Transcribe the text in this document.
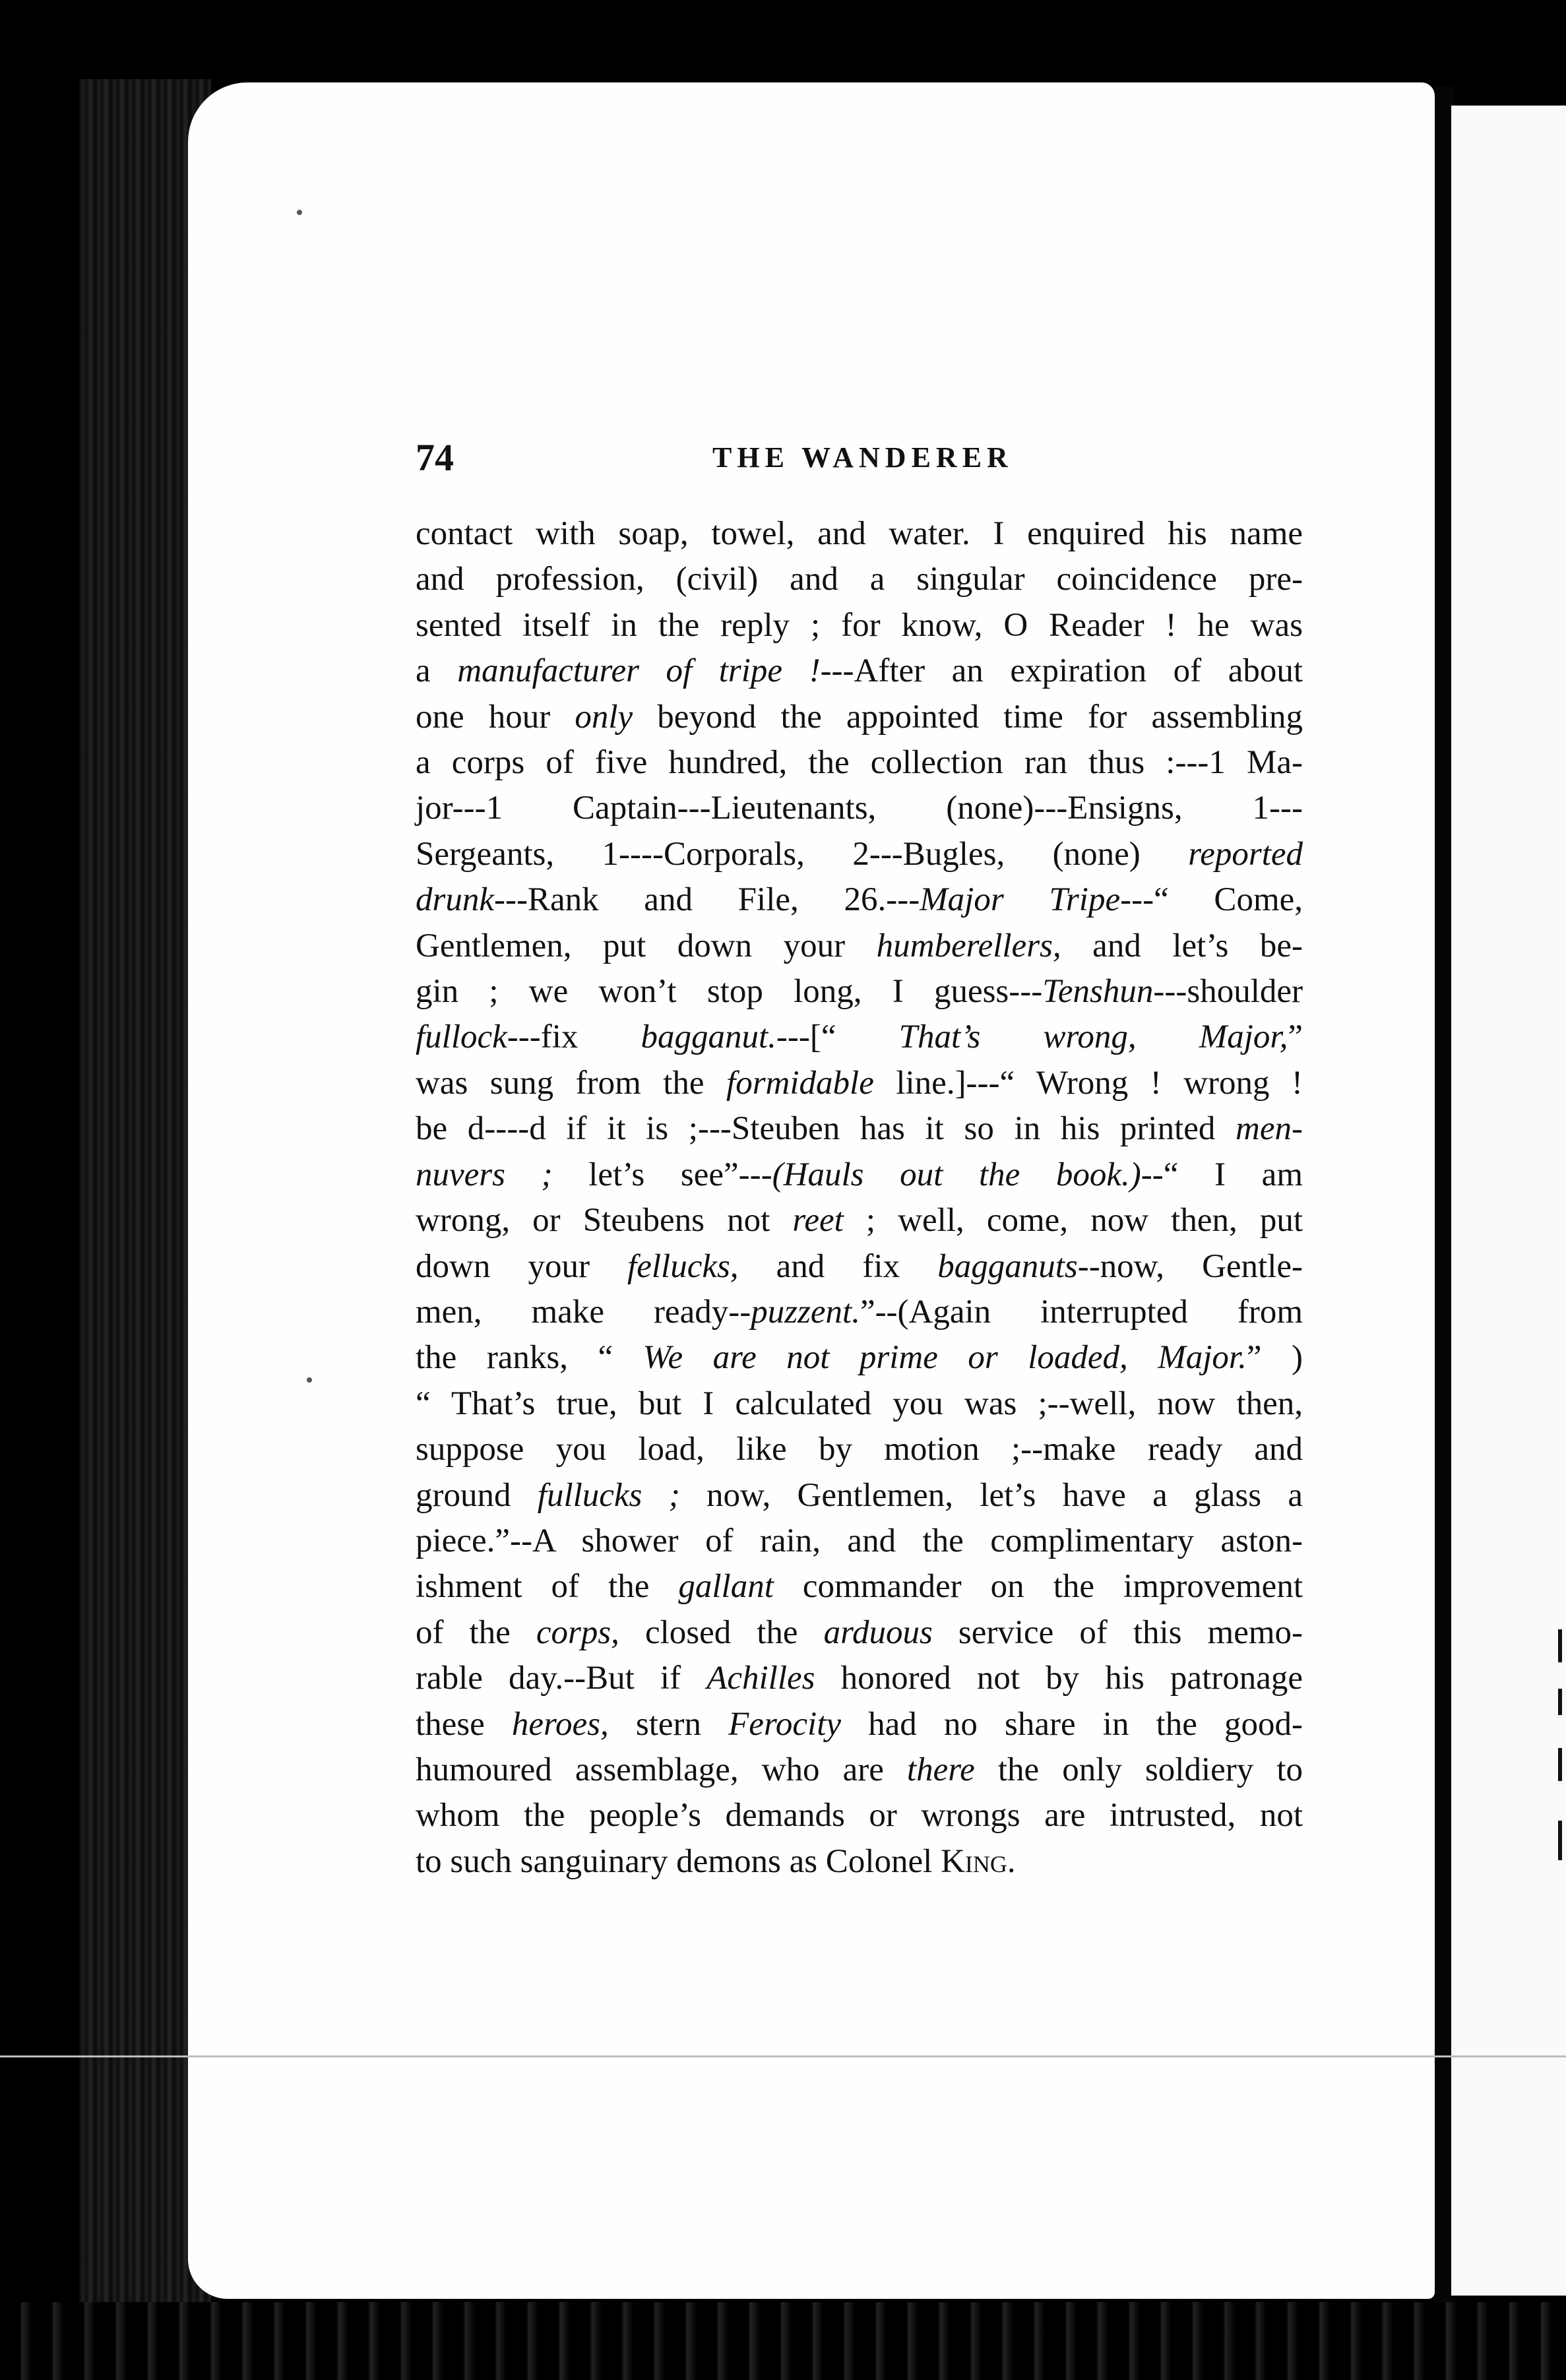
74	THE WANDERER
contact with soap, towel, and water. I enquired his name
and profession, (civil) and a singular coincidence pre-
sented itself in the reply ; for know, O Reader ! he was
a manufacturer of tripe !---After an expiration of about
one hour only beyond the appointed time for assembling
a corps of five hundred, the collection ran thus :---1 Ma-
jor---1 Captain---Lieutenants, (none)---Ensigns, 1---
Sergeants, 1----Corporals, 2---Bugles, (none) reported
drunk---Rank and File, 26.---Major Tripe---“ Come,
Gentlemen, put down your humberellers, and let’s be-
gin ; we won’t stop long, I guess---Tenshun---shoulder
fullock---fix bagganut.---[“ That’s wrong, Major,”
was sung from the formidable line.]---“ Wrong ! wrong !
be d----d if it is ;---Steuben has it so in his printed men-
nuvers ; let’s see”---(Hauls out the book.)--“ I am
wrong, or Steubens not reet ; well, come, now then, put
down your fellucks, and fix bagganuts--now, Gentle-
men, make ready--puzzent.”--(Again interrupted from
the ranks, “ We are not prime or loaded, Major.” )
“ That’s true, but I calculated you was ;--well, now then,
suppose you load, like by motion ;--make ready and
ground fullucks ; now, Gentlemen, let’s have a glass a
piece.”--A shower of rain, and the complimentary aston-
ishment of the gallant commander on the improvement
of the corps, closed the arduous service of this memo-
rable day.--But if Achilles honored not by his patronage
these heroes, stern Ferocity had no share in the good-
humoured assemblage, who are there the only soldiery to
whom the people’s demands or wrongs are intrusted, not
to such sanguinary demons as Colonel King.
